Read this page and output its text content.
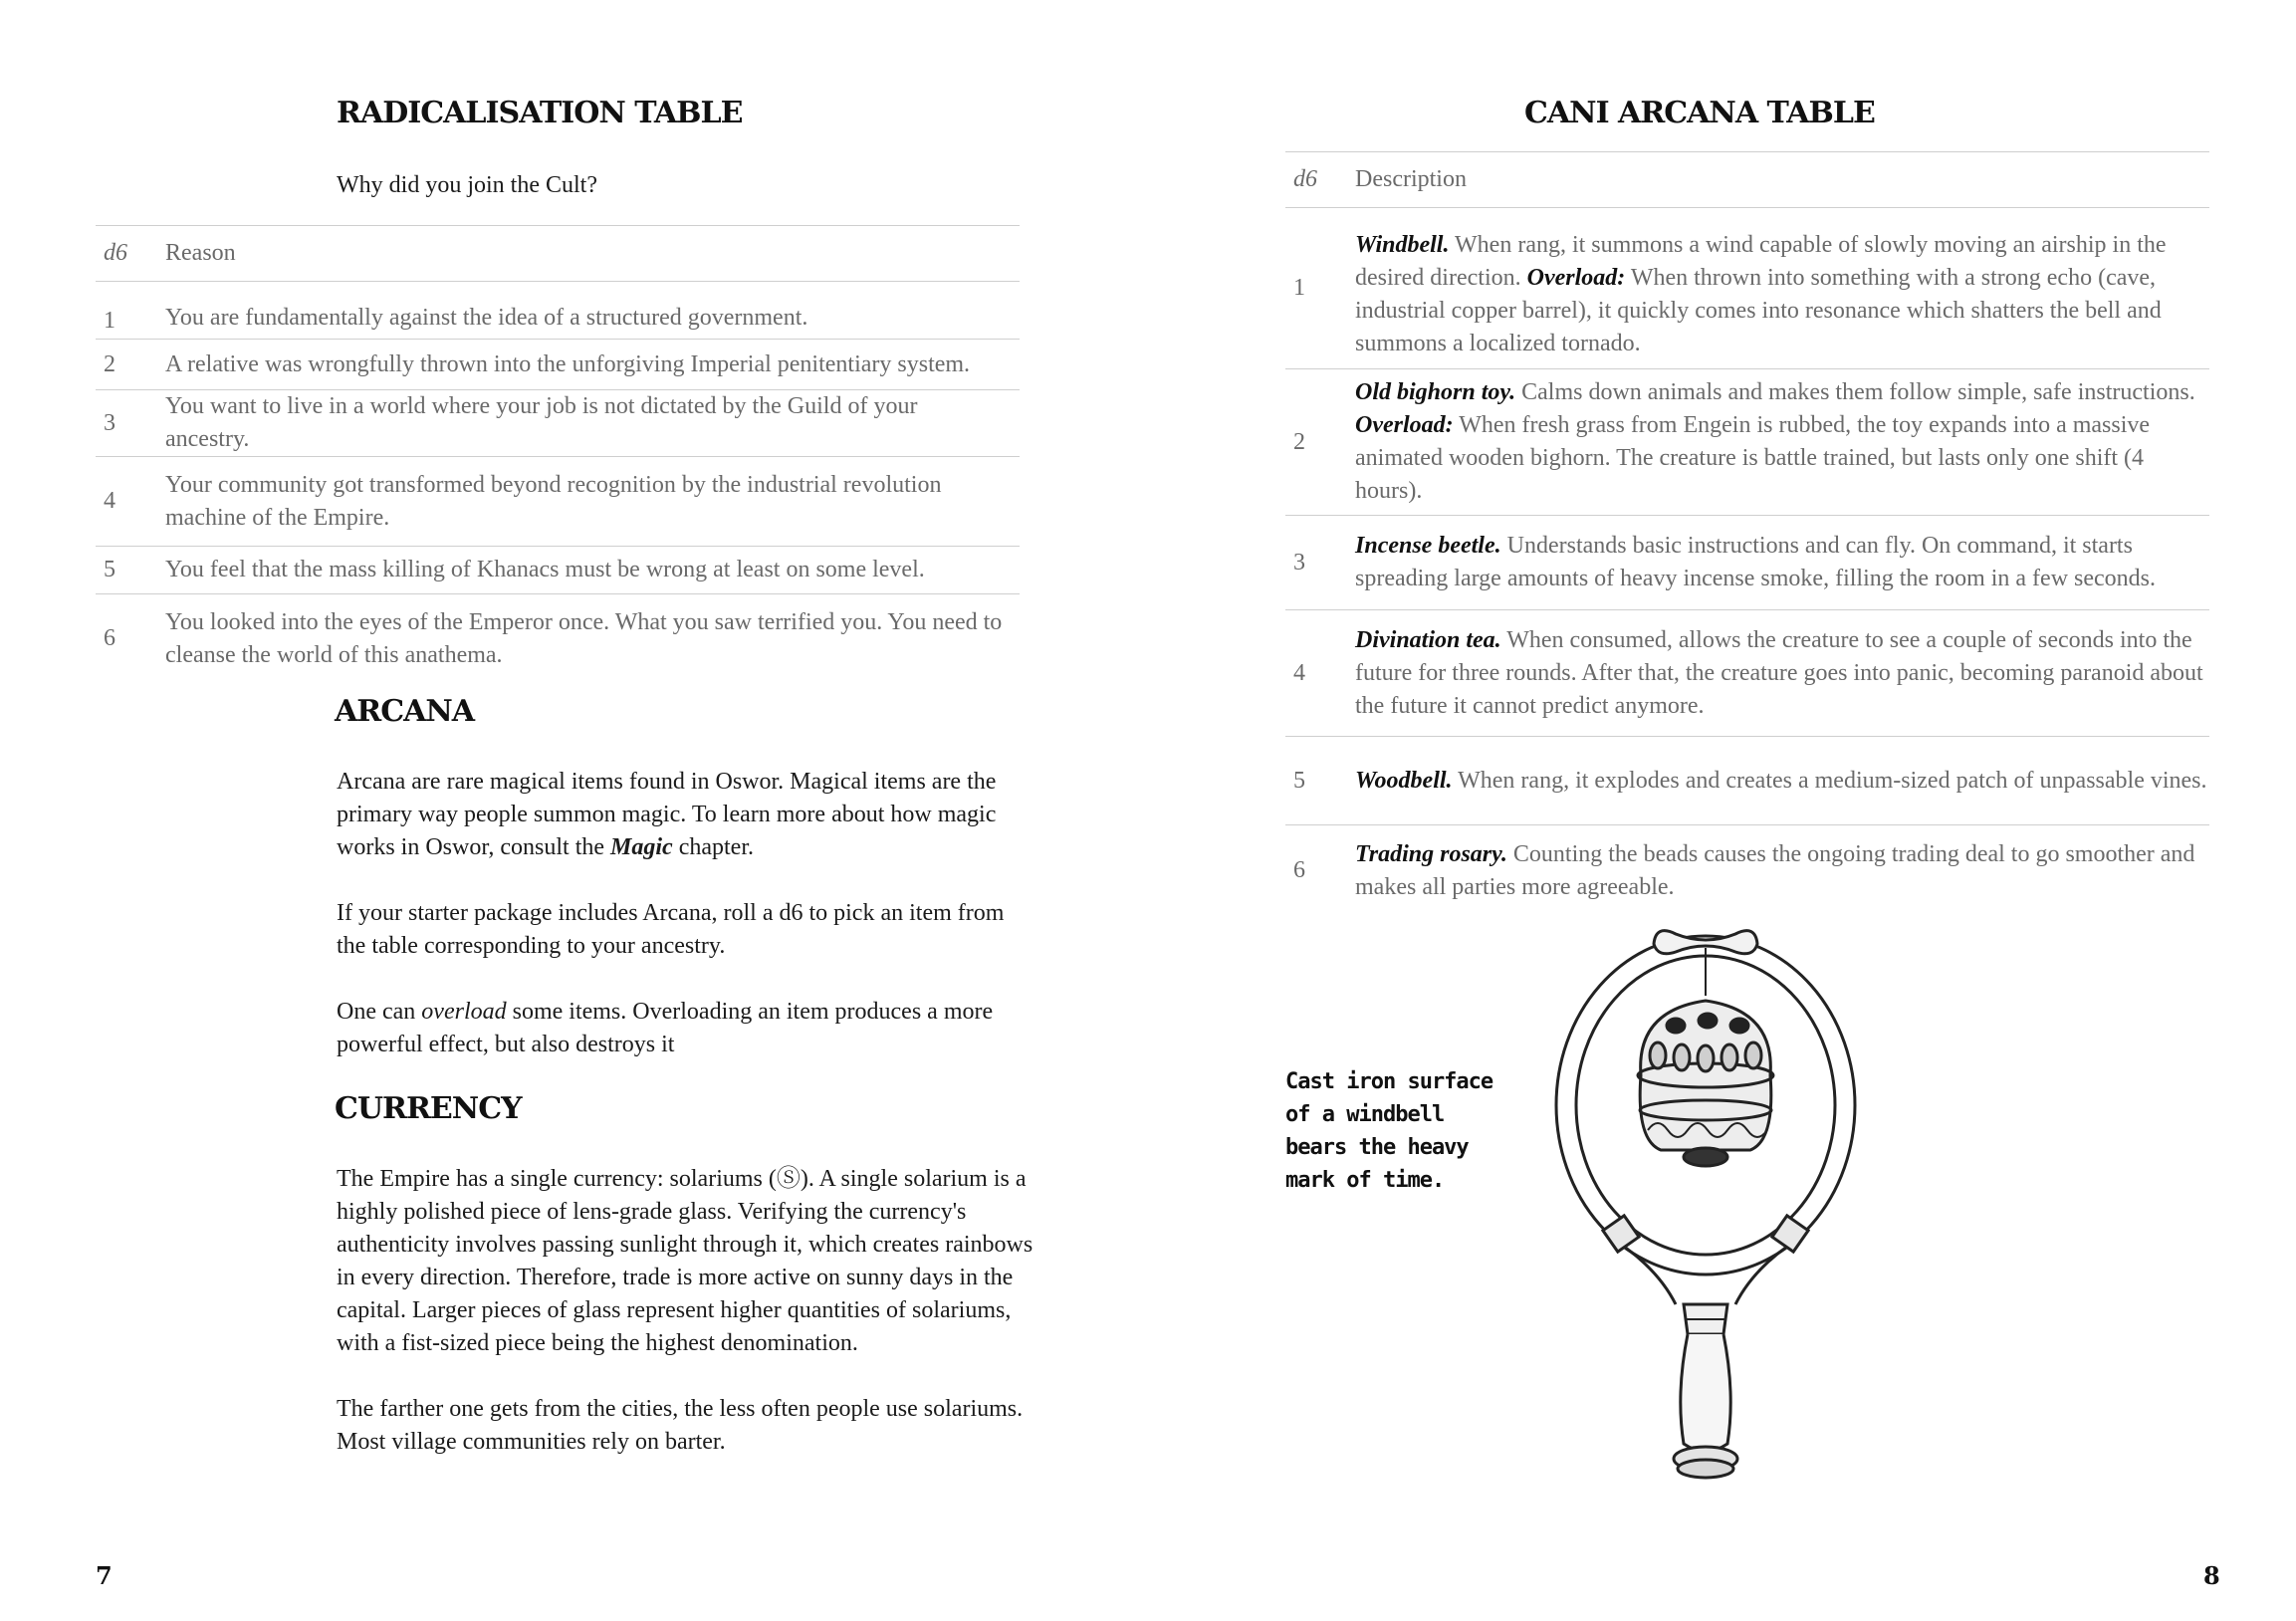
RADICALISATION TABLE
Why did you join the Cult?
d6	Reason
1	You are fundamentally against the idea of a structured government.
2	A relative was wrongfully thrown into the unforgiving Imperial penitentiary system.
3	You want to live in a world where your job is not dictated by the Guild of your ancestry.
4	Your community got transformed beyond recognition by the industrial revolution machine of the Empire.
5	You feel that the mass killing of Khanacs must be wrong at least on some level.
6	You looked into the eyes of the Emperor once. What you saw terrified you. You need to cleanse the world of this anathema.
ARCANA

Arcana are rare magical items found in Oswor. Magical items are the primary way people summon magic. To learn more about how magic works in Oswor, consult the Magic chapter.

If your starter package includes Arcana, roll a d6 to pick an item from the table corresponding to your ancestry.

One can overload some items. Overloading an item produces a more powerful effect, but also destroys it

CURRENCY

The Empire has a single currency: solariums (Ⓢ). A single solarium is a highly polished piece of lens-grade glass. Verifying the currency's authenticity involves passing sunlight through it, which creates rainbows in every direction. Therefore, trade is more active on sunny days in the capital. Larger pieces of glass represent higher quantities of solariums, with a fist-sized piece being the highest denomination.

The farther one gets from the cities, the less often people use solariums. Most village communities rely on barter.

7
CANI ARCANA TABLE
d6	Description
1	Windbell. When rang, it summons a wind capable of slowly moving an airship in the desired direction. Overload: When thrown into something with a strong echo (cave, industrial copper barrel), it quickly comes into resonance which shatters the bell and summons a localized tornado.
2	Old bighorn toy. Calms down animals and makes them follow simple, safe instructions. Overload: When fresh grass from Engein is rubbed, the toy expands into a massive animated wooden bighorn. The creature is battle trained, but lasts only one shift (4 hours).
3	Incense beetle. Understands basic instructions and can fly. On command, it starts spreading large amounts of heavy incense smoke, filling the room in a few seconds.
4	Divination tea. When consumed, allows the creature to see a couple of seconds into the future for three rounds. After that, the creature goes into panic, becoming paranoid about the future it cannot predict anymore.
5	Woodbell. When rang, it explodes and creates a medium-sized patch of unpassable vines.
6	Trading rosary. Counting the beads causes the ongoing trading deal to go smoother and makes all parties more agreeable.
Cast iron surface of a windbell bears the heavy mark of time.
8
